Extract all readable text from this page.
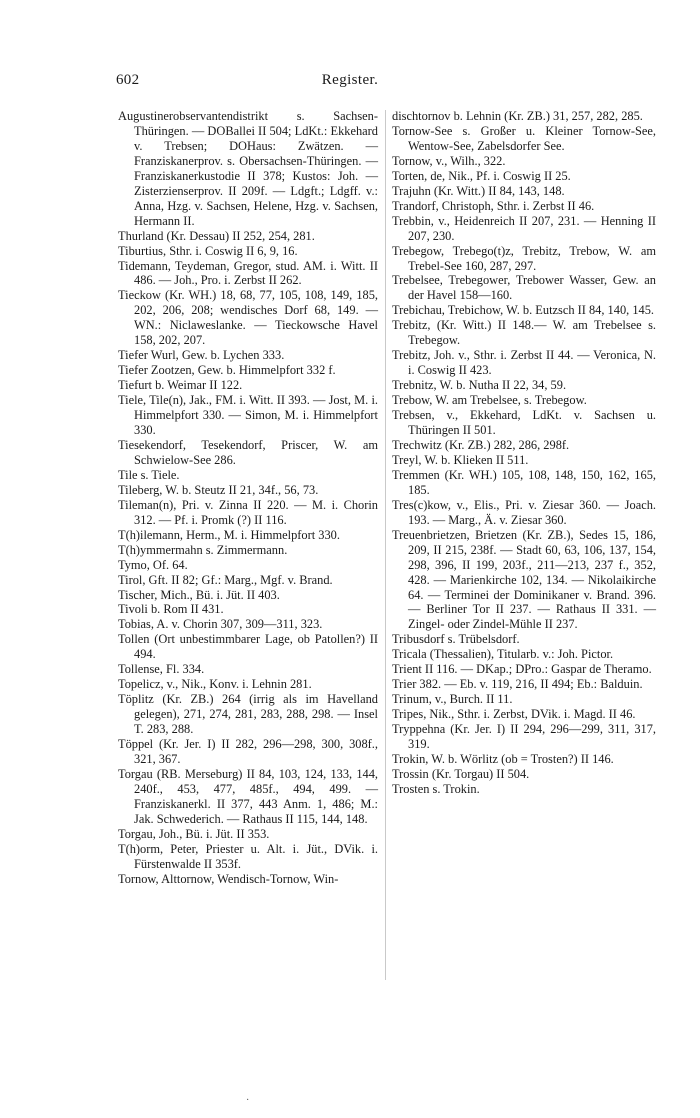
602	Register.

Augustinerobservantendistrikt s. Sachsen-Thüringen. — DOBallei II 504; LdKt.: Ekkehard v. Trebsen; DOHaus: Zwätzen. — Franziskanerprov. s. Obersachsen-Thüringen. — Franziskanerkustodie II 378; Kustos: Joh. — Zisterzienserprov. II 209f. — Ldgft.; Ldgff. v.: Anna, Hzg. v. Sachsen, Helene, Hzg. v. Sachsen, Hermann II.

Thurland (Kr. Dessau) II 252, 254, 281.

Tiburtius, Sthr. i. Coswig II 6, 9, 16.

Tidemann, Teydeman, Gregor, stud. AM. i. Witt. II 486. — Joh., Pro. i. Zerbst II 262.

Tieckow (Kr. WH.) 18, 68, 77, 105, 108, 149, 185, 202, 206, 208; wendisches Dorf 68, 149. — WN.: Niclaweslanke. — Tieckowsche Havel 158, 202, 207.

Tiefer Wurl, Gew. b. Lychen 333.

Tiefer Zootzen, Gew. b. Himmelpfort 332 f.

Tiefurt b. Weimar II 122.

Tiele, Tile(n), Jak., FM. i. Witt. II 393. — Jost, M. i. Himmelpfort 330. — Simon, M. i. Himmelpfort 330.

Tiesekendorf, Tesekendorf, Priscer, W. am Schwielow-See 286.

Tile s. Tiele.

Tileberg, W. b. Steutz II 21, 34f., 56, 73.

Tileman(n), Pri. v. Zinna II 220. — M. i. Chorin 312. — Pf. i. Promk (?) II 116.

T(h)ilemann, Herm., M. i. Himmelpfort 330.

T(h)ymmermahn s. Zimmermann.

Tymo, Of. 64.

Tirol, Gft. II 82; Gf.: Marg., Mgf. v. Brand.

Tischer, Mich., Bü. i. Jüt. II 403.

Tivoli b. Rom II 431.

Tobias, A. v. Chorin 307, 309—311, 323.

Tollen (Ort unbestimmbarer Lage, ob Patollen?) II 494.

Tollense, Fl. 334.

Topelicz, v., Nik., Konv. i. Lehnin 281.

Töplitz (Kr. ZB.) 264 (irrig als im Havelland gelegen), 271, 274, 281, 283, 288, 298. — Insel T. 283, 288.

Töppel (Kr. Jer. I) II 282, 296—298, 300, 308f., 321, 367.

Torgau (RB. Merseburg) II 84, 103, 124, 133, 144, 240f., 453, 477, 485f., 494, 499. — Franziskanerkl. II 377, 443 Anm. 1, 486; M.: Jak. Schwederich. — Rathaus II 115, 144, 148.

Torgau, Joh., Bü. i. Jüt. II 353.

T(h)orm, Peter, Priester u. Alt. i. Jüt., DVik. i. Fürstenwalde II 353f.

Tornow, Alttornow, Wendisch-Tornow, Win-

dischtornov b. Lehnin (Kr. ZB.) 31, 257, 282, 285.

Tornow-See s. Großer u. Kleiner Tornow-See, Wentow-See, Zabelsdorfer See.

Tornow, v., Wilh., 322.

Torten, de, Nik., Pf. i. Coswig II 25.

Trajuhn (Kr. Witt.) II 84, 143, 148.

Trandorf, Christoph, Sthr. i. Zerbst II 46.

Trebbin, v., Heidenreich II 207, 231. — Henning II 207, 230.

Trebegow, Trebego(t)z, Trebitz, Trebow, W. am Trebel-See 160, 287, 297.

Trebelsee, Trebegower, Trebower Wasser, Gew. an der Havel 158—160.

Trebichau, Trebichow, W. b. Eutzsch II 84, 140, 145.

Trebitz, (Kr. Witt.) II 148.— W. am Trebelsee s. Trebegow.

Trebitz, Joh. v., Sthr. i. Zerbst II 44. — Veronica, N. i. Coswig II 423.

Trebnitz, W. b. Nutha II 22, 34, 59.

Trebow, W. am Trebelsee, s. Trebegow.

Trebsen, v., Ekkehard, LdKt. v. Sachsen u. Thüringen II 501.

Trechwitz (Kr. ZB.) 282, 286, 298f.

Treyl, W. b. Klieken II 511.

Tremmen (Kr. WH.) 105, 108, 148, 150, 162, 165, 185.

Tres(c)kow, v., Elis., Pri. v. Ziesar 360. — Joach. 193. — Marg., Ä. v. Ziesar 360.

Treuenbrietzen, Brietzen (Kr. ZB.), Sedes 15, 186, 209, II 215, 238f. — Stadt 60, 63, 106, 137, 154, 298, 396, II 199, 203f., 211—213, 237 f., 352, 428. — Marienkirche 102, 134. — Nikolaikirche 64. — Terminei der Dominikaner v. Brand. 396. — Berliner Tor II 237. — Rathaus II 331. — Zingel- oder Zindel-Mühle II 237.

Tribusdorf s. Trübelsdorf.

Tricala (Thessalien), Titularb. v.: Joh. Pictor.

Trient II 116. — DKap.; DPro.: Gaspar de Theramo.

Trier 382. — Eb. v. 119, 216, II 494; Eb.: Balduin.

Trinum, v., Burch. II 11.

Tripes, Nik., Sthr. i. Zerbst, DVik. i. Magd. II 46.

Tryppehna (Kr. Jer. I) II 294, 296—299, 311, 317, 319.

Trokin, W. b. Wörlitz (ob = Trosten?) II 146.

Trossin (Kr. Torgau) II 504.

Trosten s. Trokin.

·
